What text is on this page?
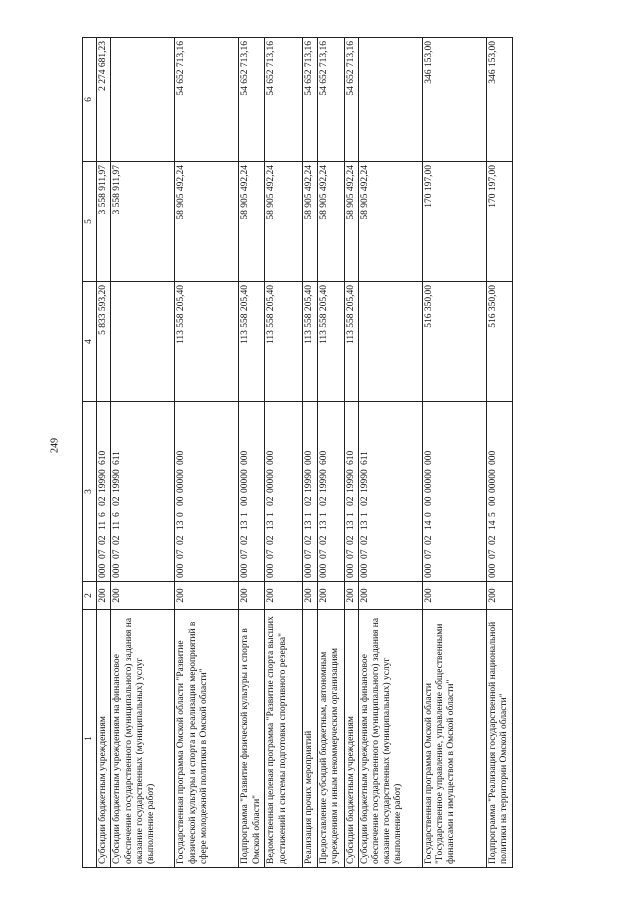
249
1	2	3	4	5	6
Субсидии бюджетным учреждениям	200	00007021160219990610	5 833 593,20	3 558 911,97	2 274 681,23
Субсидии бюджетным учреждениям на финансовое обеспечение государственного (муниципального) задания на оказание государственных (муниципальных) услуг (выполнение работ)	200	00007021160219990611		3 558 911,97	
Государственная программа Омской области "Развитие физической культуры и спорта и реализация мероприятий в сфере молодежной политики в Омской области"	200	00007021300000000000	113 558 205,40	58 905 492,24	54 652 713,16
Подпрограмма "Развитие физической культуры и спорта в Омской области"	200	00007021310000000000	113 558 205,40	58 905 492,24	54 652 713,16
Ведомственная целевая программа "Развитие спорта высших достижений и системы подготовки спортивного резерва"	200	00007021310200000000	113 558 205,40	58 905 492,24	54 652 713,16
Реализация прочих мероприятий	200	00007021310219990000	113 558 205,40	58 905 492,24	54 652 713,16
Предоставление субсидий бюджетным, автономным учреждениям и иным некоммерческим организациям	200	00007021310219990600	113 558 205,40	58 905 492,24	54 652 713,16
Субсидии бюджетным учреждениям	200	00007021310219990610	113 558 205,40	58 905 492,24	54 652 713,16
Субсидии бюджетным учреждениям на финансовое обеспечение государственного (муниципального) задания на оказание государственных (муниципальных) услуг (выполнение работ)	200	00007021310219990611		58 905 492,24	
Государственная программа Омской области "Государственное управление, управление общественными финансами и имуществом в Омской области"	200	00007021400000000000	516 350,00	170 197,00	346 153,00
Подпрограмма "Реализация государственной национальной политики на территории Омской области"	200	00007021450000000000	516 350,00	170 197,00	346 153,00
